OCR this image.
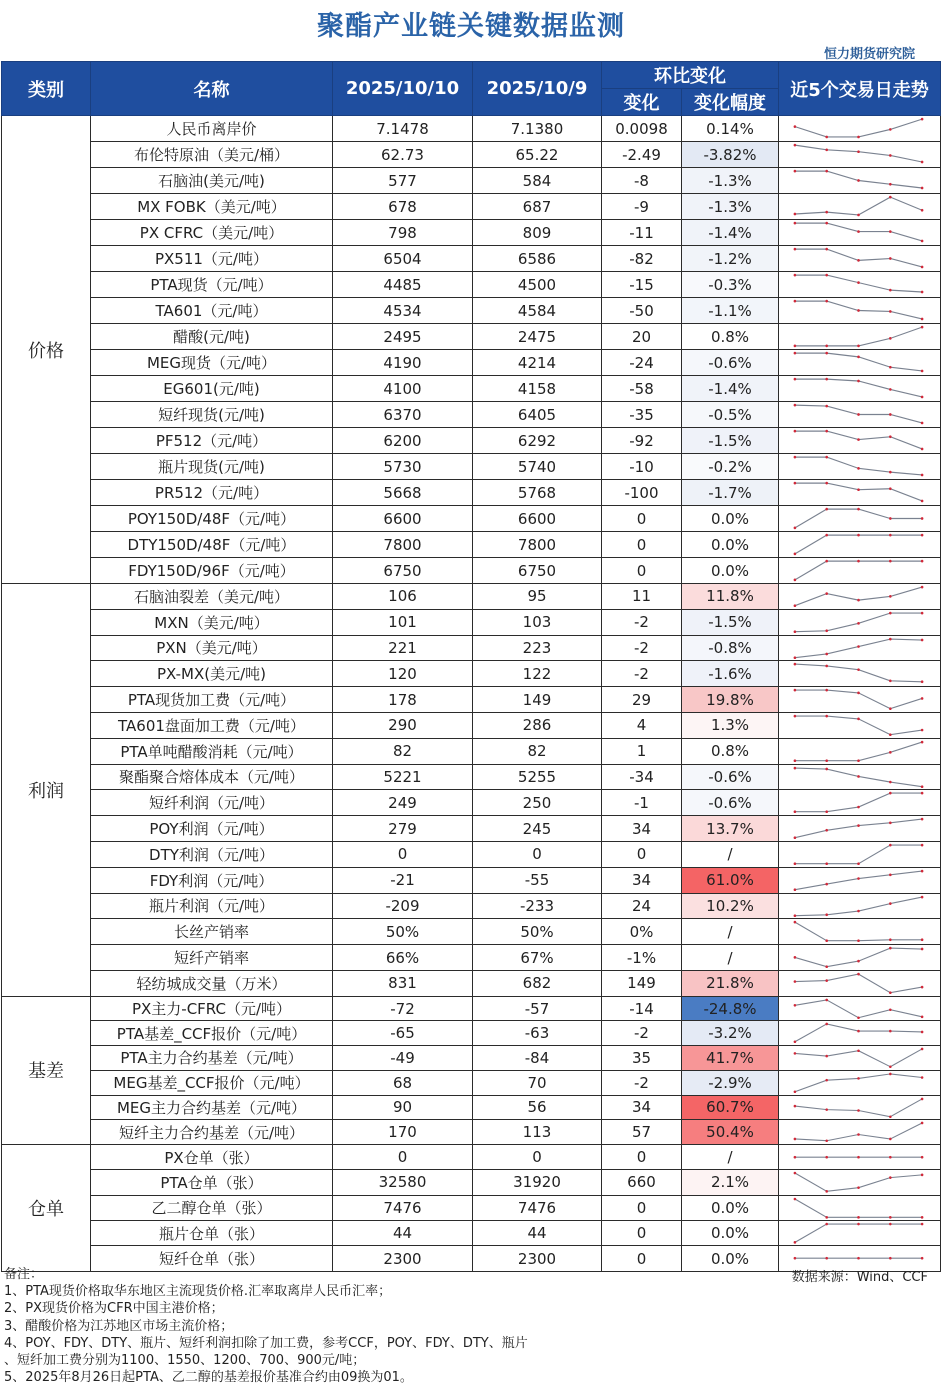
聚酯产业链关键数据监测
恒力期货研究院
类别	名称	2025/10/10	2025/10/9	环比变化		近5个交易日走势
				变化	变化幅度	
价格	人民币离岸价	7.1478	7.1380	0.0098	0.14%	

	布伦特原油（美元/桶）	62.73	65.22	-2.49	-3.82%	

	石脑油(美元/吨)	577	584	-8	-1.3%	

	MX FOBK（美元/吨）	678	687	-9	-1.3%	

	PX CFRC（美元/吨）	798	809	-11	-1.4%	

	PX511（元/吨）	6504	6586	-82	-1.2%	

	PTA现货（元/吨）	4485	4500	-15	-0.3%	

	TA601（元/吨）	4534	4584	-50	-1.1%	

	醋酸(元/吨)	2495	2475	20	0.8%	

	MEG现货（元/吨）	4190	4214	-24	-0.6%	

	EG601(元/吨)	4100	4158	-58	-1.4%	

	短纤现货(元/吨)	6370	6405	-35	-0.5%	

	PF512（元/吨）	6200	6292	-92	-1.5%	

	瓶片现货(元/吨)	5730	5740	-10	-0.2%	

	PR512（元/吨）	5668	5768	-100	-1.7%	

	POY150D/48F（元/吨）	6600	6600	0	0.0%	

	DTY150D/48F（元/吨）	7800	7800	0	0.0%	

	FDY150D/96F（元/吨）	6750	6750	0	0.0%	

利润	石脑油裂差（美元/吨）	106	95	11	11.8%	

	MXN（美元/吨）	101	103	-2	-1.5%	

	PXN（美元/吨）	221	223	-2	-0.8%	

	PX-MX(美元/吨)	120	122	-2	-1.6%	

	PTA现货加工费（元/吨）	178	149	29	19.8%	

	TA601盘面加工费（元/吨）	290	286	4	1.3%	

	PTA单吨醋酸消耗（元/吨）	82	82	1	0.8%	

	聚酯聚合熔体成本（元/吨）	5221	5255	-34	-0.6%	

	短纤利润（元/吨）	249	250	-1	-0.6%	

	POY利润（元/吨）	279	245	34	13.7%	

	DTY利润（元/吨）	0	0	0	/	

	FDY利润（元/吨）	-21	-55	34	61.0%	

	瓶片利润（元/吨）	-209	-233	24	10.2%	

	长丝产销率	50%	50%	0%	/	

	短纤产销率	66%	67%	-1%	/	

	轻纺城成交量（万米）	831	682	149	21.8%	

基差	PX主力-CFRC（元/吨）	-72	-57	-14	-24.8%	

	PTA基差_CCF报价（元/吨）	-65	-63	-2	-3.2%	

	PTA主力合约基差（元/吨）	-49	-84	35	41.7%	

	MEG基差_CCF报价（元/吨）	68	70	-2	-2.9%	

	MEG主力合约基差（元/吨）	90	56	34	60.7%	

	短纤主力合约基差（元/吨）	170	113	57	50.4%	

仓单	PX仓单（张）	0	0	0	/	

	PTA仓单（张）	32580	31920	660	2.1%	

	乙二醇仓单（张）	7476	7476	0	0.0%	

	瓶片仓单（张）	44	44	0	0.0%	

	短纤仓单（张）	2300	2300	0	0.0%	
备注：
1、PTA现货价格取华东地区主流现货价格.汇率取离岸人民币汇率；
2、PX现货价格为CFR中国主港价格；
3、醋酸价格为江苏地区市场主流价格；
4、POY、FDY、DTY、瓶片、短纤利润扣除了加工费，参考CCF，POY、FDY、DTY、瓶片
、短纤加工费分别为1100、1550、1200、700、900元/吨；
5、2025年8月26日起PTA、乙二醇的基差报价基准合约由09换为01。
数据来源：Wind、CCF
